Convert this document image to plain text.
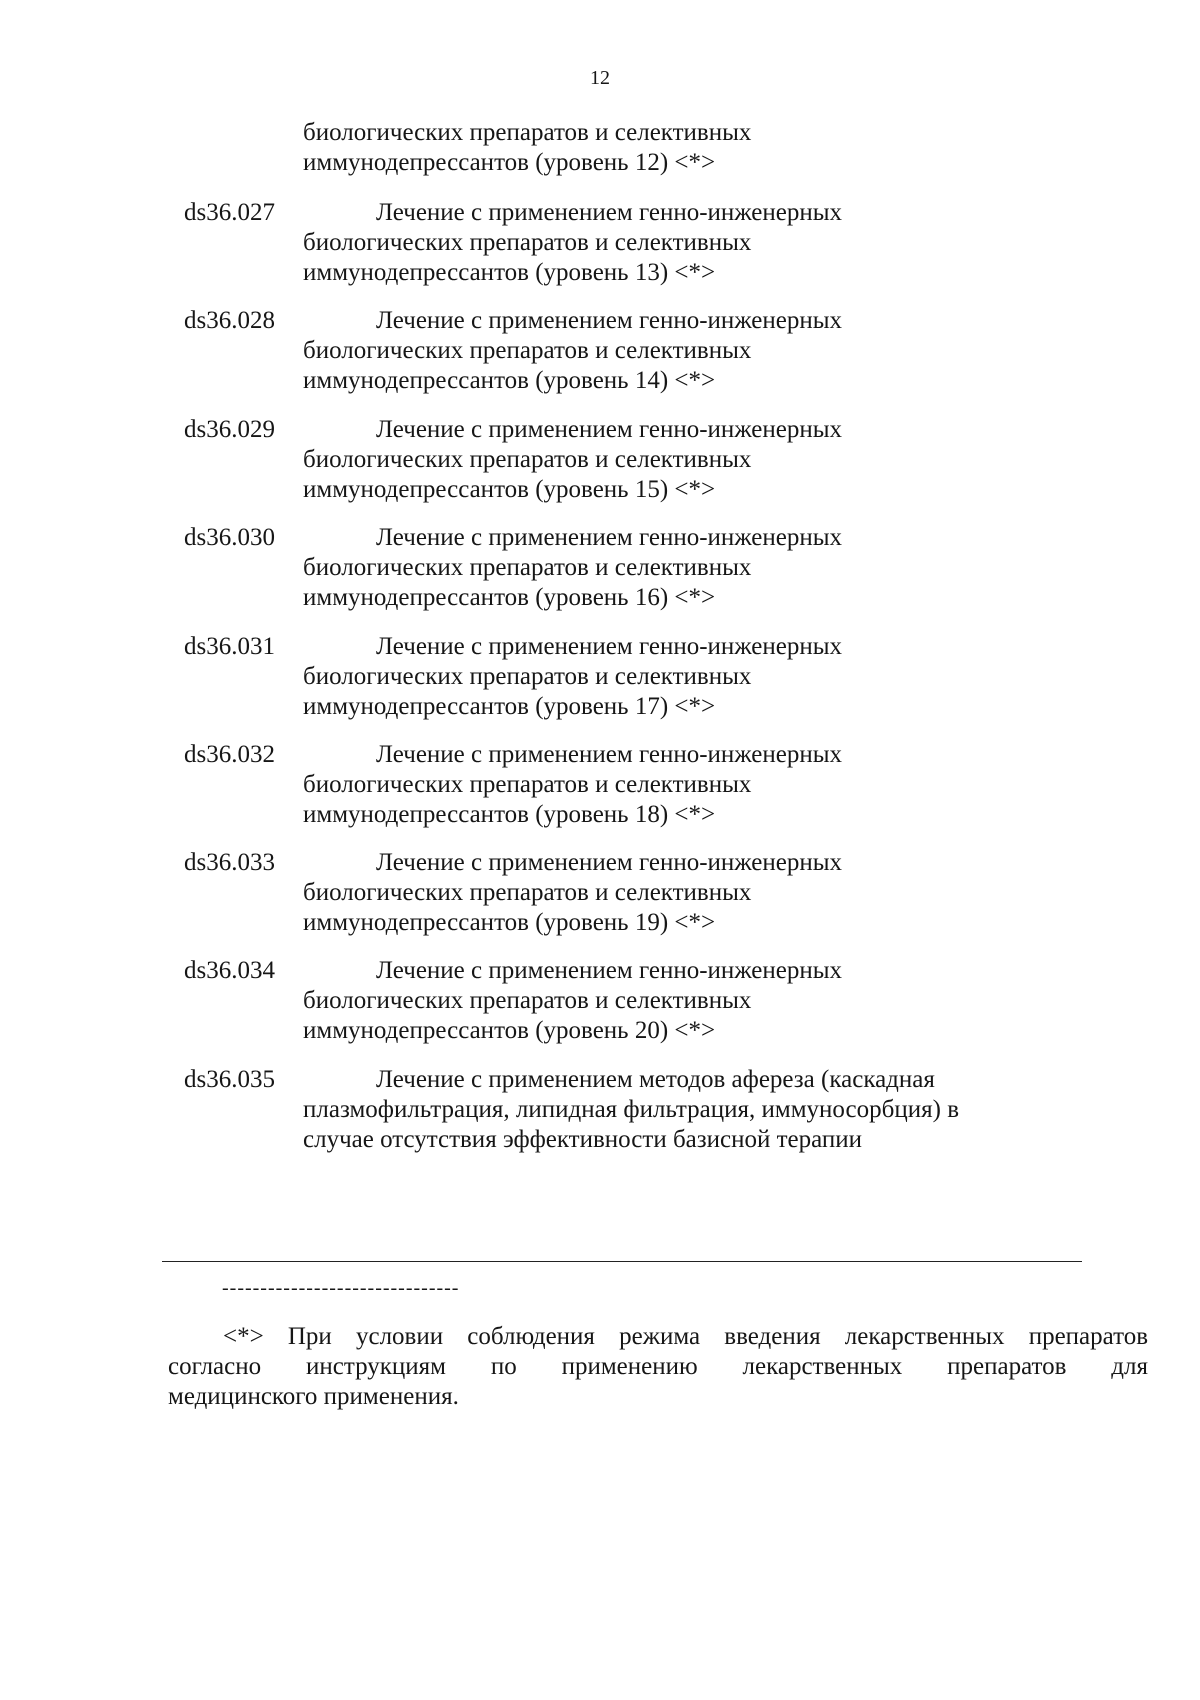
12
биологических препаратов и селективных
иммунодепрессантов (уровень 12) <*>
ds36.027	Лечение с применением генно-инженерных
биологических препаратов и селективных
иммунодепрессантов (уровень 13) <*>
ds36.028	Лечение с применением генно-инженерных
биологических препаратов и селективных
иммунодепрессантов (уровень 14) <*>
ds36.029	Лечение с применением генно-инженерных
биологических препаратов и селективных
иммунодепрессантов (уровень 15) <*>
ds36.030	Лечение с применением генно-инженерных
биологических препаратов и селективных
иммунодепрессантов (уровень 16) <*>
ds36.031	Лечение с применением генно-инженерных
биологических препаратов и селективных
иммунодепрессантов (уровень 17) <*>
ds36.032	Лечение с применением генно-инженерных
биологических препаратов и селективных
иммунодепрессантов (уровень 18) <*>
ds36.033	Лечение с применением генно-инженерных
биологических препаратов и селективных
иммунодепрессантов (уровень 19) <*>
ds36.034	Лечение с применением генно-инженерных
биологических препаратов и селективных
иммунодепрессантов (уровень 20) <*>
ds36.035	Лечение с применением методов афереза (каскадная
плазмофильтрация, липидная фильтрация, иммуносорбция) в
случае отсутствия эффективности базисной терапии
-------------------------------
<*> При условии соблюдения режима введения лекарственных препаратов
согласно инструкциям по применению лекарственных препаратов для
медицинского применения.
